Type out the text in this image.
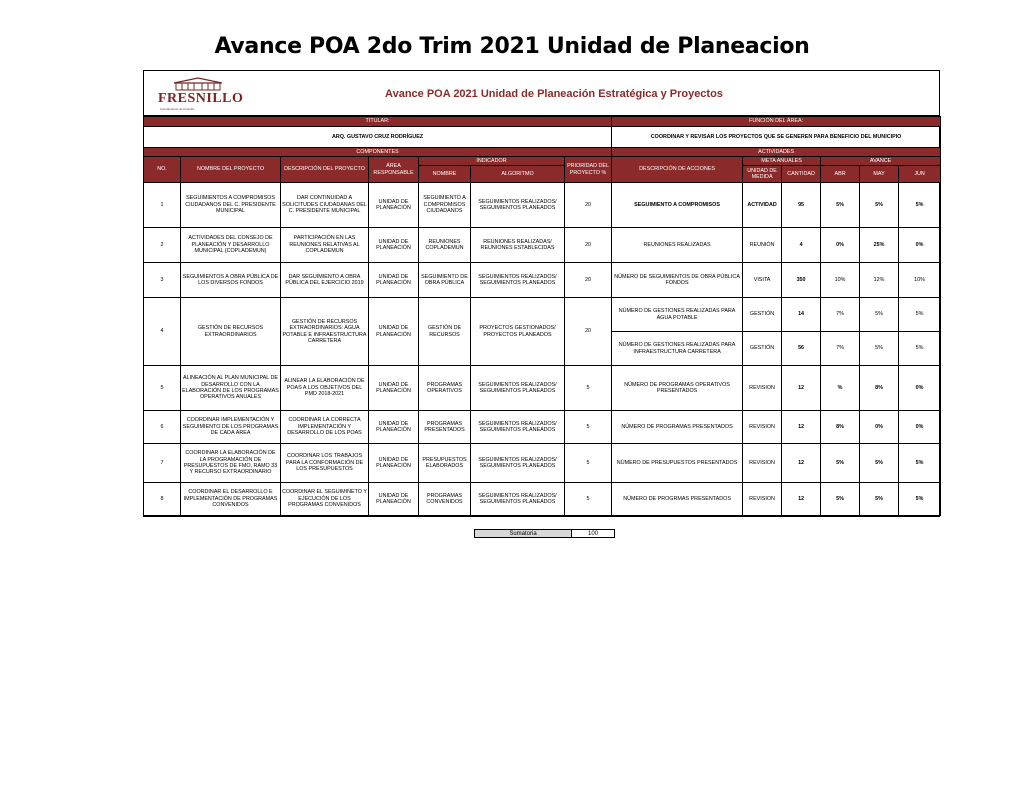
Avance POA 2do Trim 2021 Unidad de Planeacion
FRESNILLO
Ayuntamiento de Fresnillo
Avance POA 2021 Unidad de Planeación Estratégica y Proyectos
TITULAR:							FUNCIÓN DEL ÁREA:					
ARQ. GUSTAVO CRUZ RODRÍGUEZ							COORDINAR Y REVISAR LOS PROYECTOS QUE SE GENEREN PARA BENEFICIO DEL MUNICIPIO					
COMPONENTES							ACTIVIDADES					
NO.	NOMBRE DEL PROYECTO	DESCRIPCIÓN DEL PROYECTO	ÁREA RESPONSABLE	INDICADOR		PRIORIDAD DEL PROYECTO %	DESCRIPCIÓN DE ACCIONES	META ANUALES		AVANCE		
				NOMBRE	ALGORITMO			UNIDAD DE MEDIDA	CANTIDAD	ABR	MAY	JUN
1	SEGUIMIENTOS A COMPROMISOS CIUDADANOS DEL C. PRESIDENTE MUNICIPAL	DAR CONTINUIDAD A SOLICITUDES CIUDADANAS DEL C. PRESIDENTE MUNICIPAL	UNIDAD DE PLANEACIÓN	SEGUIMIENTO A COMPROMISOS CIUDADANOS	SEGUIMIENTOS REALIZADOS/ SEGUIMIENTOS PLANEADOS	20	SEGUIMIENTO A COMPROMISOS	ACTIVIDAD	95	5%	5%	5%
2	ACTIVIDADES DEL CONSEJO DE PLANEACIÓN Y DESARROLLO MUNICIPAL (COPLADEMUN)	PARTICIPACIÓN EN LAS REUNIONES RELATIVAS AL COPLADEMUN	UNIDAD DE PLANEACIÓN	REUNIONES COPLADEMUN	REUNIONES REALIZADAS/ REUNIONES ESTABLECIDAS	20	REUNIONES REALIZADAS	REUNIÓN	4	0%	25%	0%
3	SEGUIMIENTOS A OBRA PÚBLICA DE LOS DIVERSOS FONDOS	DAR SEGUIMIENTO A OBRA PÚBLICA DEL EJERCICIO 2019	UNIDAD DE PLANEACIÓN	SEGUIMIENTO DE OBRA PÚBLICA	SEGUIMIENTOS REALIZADOS/ SEGUIMIENTOS PLANEADOS	20	NÚMERO DE SEGUIMIENTOS DE OBRA PÚBLICA FONDOS	VISITA	350	10%	12%	10%
4	GESTIÓN DE RECURSOS EXTRAORDINARIOS	GESTIÓN DE RECURSOS EXTRAORDINARIOS: AGUA POTABLE E INFRAESTRUCTURA CARRETERA	UNIDAD DE PLANEACIÓN	GESTIÓN DE RECURSOS	PROYECTOS GESTIONADOS/ PROYECTOS PLANEADOS	20	NÚMERO DE GESTIONES REALIZADAS PARA AGUA POTABLE	GESTIÓN	14	7%	5%	5%
							NÚMERO DE GESTIONES REALIZADAS PARA INFRAESTRUCTURA CARRETERA	GESTIÓN	56	7%	5%	5%
5	ALINEACIÓN AL PLAN MUNICIPAL DE DESARROLLO CON LA ELABORACIÓN DE LOS PROGRAMAS OPERATIVOS ANUALES	ALINEAR LA ELABORACIÓN DE POAS A LOS OBJETIVOS DEL PMD 2018-2021	UNIDAD DE PLANEACIÓN	PROGRAMAS OPERATIVOS	SEGUIMIENTOS REALIZADOS/ SEGUIMIENTOS PLANEADOS	5	NÚMERO DE PROGRAMAS OPERATIVOS PRESENTADOS	REVISION	12	%	8%	0%
6	COORDINAR IMPLEMENTACIÓN Y SEGUIMIENTO DE LOS PROGRAMAS DE CADA ÁREA	COORDINAR LA CORRECTA IMPLEMENTACIÓN Y DESARROLLO DE LOS POAS	UNIDAD DE PLANEACIÓN	PROGRAMAS PRESENTADOS	SEGUIMIENTOS REALIZADOS/ SEGUIMIENTOS PLANEADOS	5	NÚMERO DE PROGRAMAS PRESENTADOS	REVISION	12	8%	0%	0%
7	COORDINAR LA ELABORACIÓN DE LA PROGRAMACIÓN DE PRESUPUESTOS DE FMO, RAMO 33 Y RECURSO EXTRAORDINARIO	COORDINAR LOS TRABAJOS PARA LA CONFORMACIÓN DE LOS PRESUPUESTOS	UNIDAD DE PLANEACIÓN	PRESUPUESTOS ELABORADOS	SEGUIMIENTOS REALIZADOS/ SEGUIMIENTOS PLANEADOS	5	NÚMERO DE PRESUPUESTOS PRESENTADOS	REVISION	12	5%	5%	5%
8	COORDINAR EL DESARROLLO E IMPLEMENTACIÓN DE PROGRAMAS CONVENIDOS	COORDINAR EL SEGUIMINETO Y EJECUCIÓN DE LOS PROGRAMAS CONVENIDOS	UNIDAD DE PLANEACIÓN	PROGRAMAS CONVENIDOS	SEGUIMIENTOS REALIZADOS/ SEGUIMIENTOS PLANEADOS	5	NÚMERO DE PROGRMAS PRESENTADOS	REVISION	12	5%	5%	5%
Sumatoria	100
